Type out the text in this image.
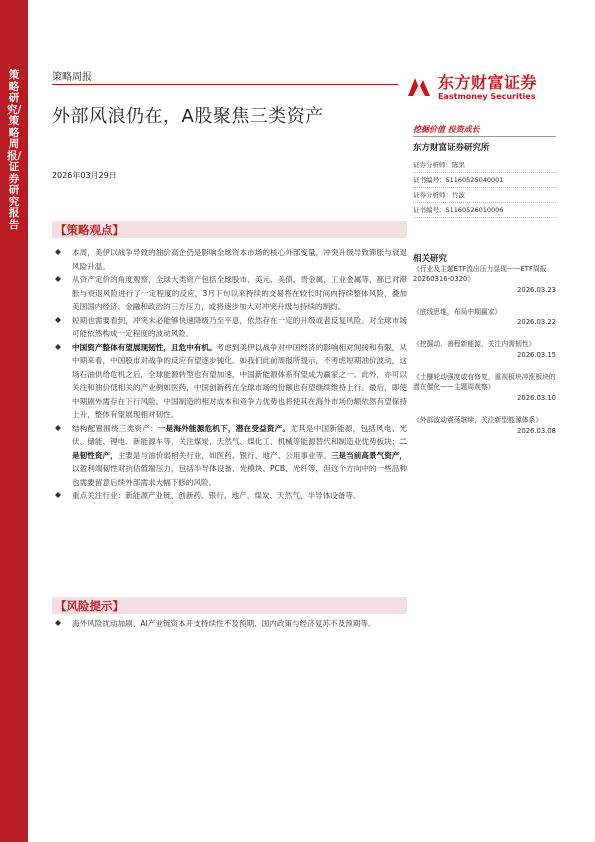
策略研究/策略周报/证券研究报告
策略周报
外部风浪仍在，A股聚焦三类资产
2026年03月29日
东方财富证券
Eastmoney Securities
挖掘价值 投资成长
东方财富证券研究所
证券分析师：陈果
证书编号：S1160525040001
证券分析师：竹波
证书编号：S1160526010006
相关研究
《行业及主题ETF流出压力显现——ETF周报20260316-0320》
2026.03.23
《底线思维，布局中期赢家》
2026.03.22
《挖掘动、善程新能源，关注内需韧性》
2026.03.15
《土醚轮动强度或有修复，重视板块冲涨板块的潜在催化——主题周观察》
2026.03.10
《外部波动震荡继续，关注新型能源体系》
2026.03.08
【策略观点】
本周，美伊以战争导致的油价高企仍是影响全球资本市场的核心外部变量，冲突升级导致滞胀与衰退风险升温。
从资产定价的角度观察，全球大类资产包括全球股市、美元、美债、贵金属、工业金属等，都已对滞胀与衰退风险进行了一定程度的反应，3月下旬以来持续的交易将在较长时间内持续整体风险，叠加美国国内经济、金融和政治的三方压力，或将逐步加大对冲突升级与持续的制约。
短期也需要看到，冲突未必能够快速降级乃至平息，依然存在一定的升级或者反复风险。对全球市场可能依然构成一定程度的波动风险。
中国资产整体有望展现韧性，且危中有机。考虑到美伊以战争对中国经济的影响相对间接和有限，从中期来看，中国股市对战争的反应有望逐步钝化。如我们此前周报所提示，不考虑短期油价波动，这场石油供给危机之后，全球能源转型也有望加速，中国新能源体系有望成为赢家之一。此外，亦可以关注和油价低相关的产业例如医药，中国创新药在全球市场的份额也有望继续维持上行。最后，即使中期剧外需存在下行风险，中国制造的相对成本和竞争力优势也将使其在海外市场份额依然有望保持上升，整体有望展现相对韧性。
结构配置围绕三类资产：一是海外能源危机下，潜在受益资产。尤其是中国新能源，包括风电、光伏、储能、锂电、新能源车等，关注煤炭、天然气、煤化工、机械等能源替代和制造业优势板块；二是韧性资产，主要是与油价弱相关行业，如医药、银行、地产、公用事业等。三是当前高景气资产，以盈利端韧性对抗估值端压力，包括半导体设备、光模块、PCB、光纤等，但这个方向中的一些品种也需要留意后续外部需求大幅下修的风险。
重点关注行业：新能源产业链、创新药、银行、地产、煤炭、天然气、半导体设备等。
【风险提示】
海外风险扰动加剧、AI产业链资本开支持续性不及预期、国内政策与经济复苏不及预期等。
